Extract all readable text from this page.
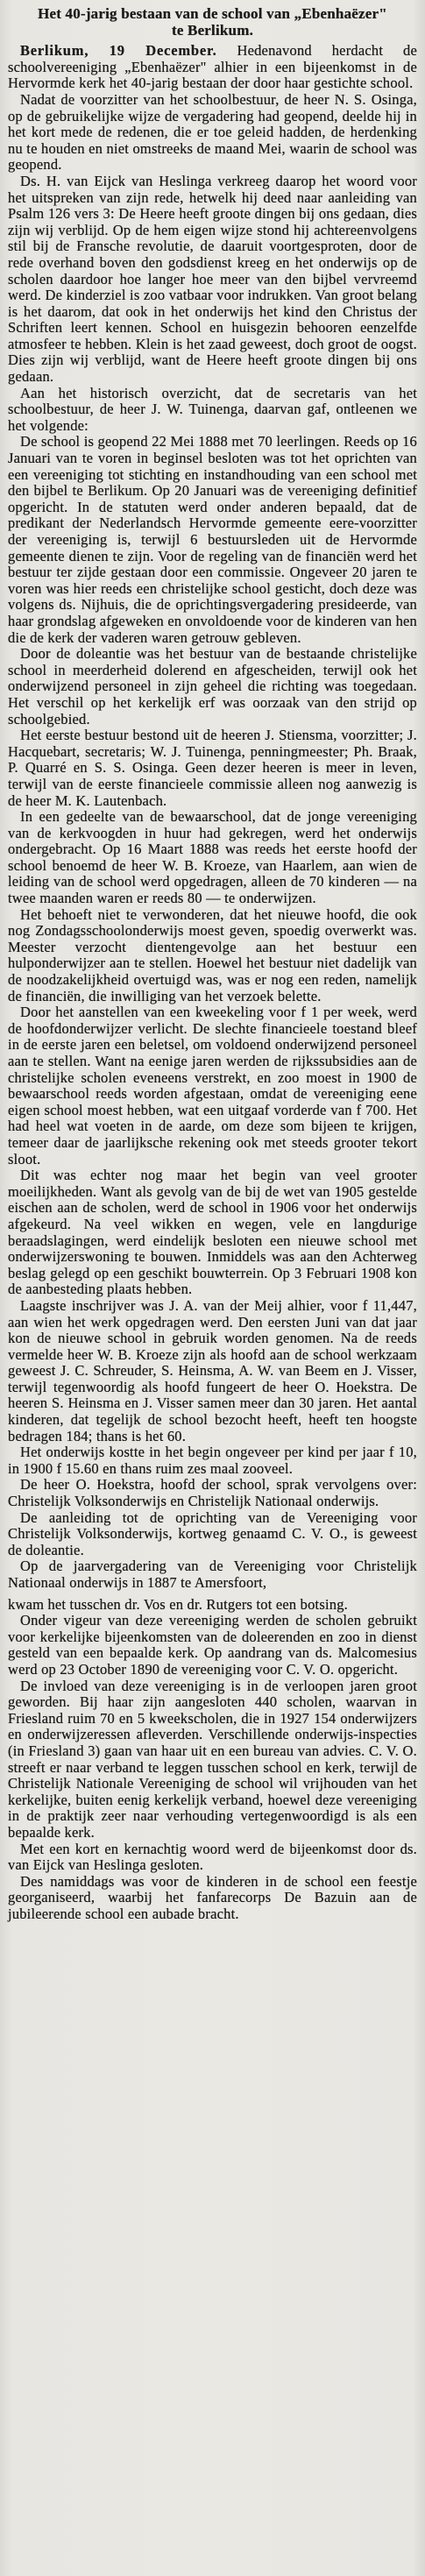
Het 40-jarig bestaan van de school van „Ebenhaëzer"
te Berlikum.

Berlikum, 19 December. Hedenavond herdacht de schoolvereeniging „Ebenhaëzer" alhier in een bijeenkomst in de Hervormde kerk het 40-jarig bestaan der door haar gestichte school.

Nadat de voorzitter van het schoolbestuur, de heer N. S. Osinga, op de gebruikelijke wijze de vergadering had geopend, deelde hij in het kort mede de redenen, die er toe geleid hadden, de herdenking nu te houden en niet omstreeks de maand Mei, waarin de school was geopend.

Ds. H. van Eijck van Heslinga verkreeg daarop het woord voor het uitspreken van zijn rede, hetwelk hij deed naar aanleiding van Psalm 126 vers 3: De Heere heeft groote dingen bij ons gedaan, dies zijn wij verblijd. Op de hem eigen wijze stond hij achtereenvolgens stil bij de Fransche revolutie, de daaruit voortgesproten, door de rede overhand boven den godsdienst kreeg en het onderwijs op de scholen daardoor hoe langer hoe meer van den bijbel vervreemd werd. De kinderziel is zoo vatbaar voor indrukken. Van groot belang is het daarom, dat ook in het onderwijs het kind den Christus der Schriften leert kennen. School en huisgezin behooren eenzelfde atmosfeer te hebben. Klein is het zaad geweest, doch groot de oogst. Dies zijn wij verblijd, want de Heere heeft groote dingen bij ons gedaan.

Aan het historisch overzicht, dat de secretaris van het schoolbestuur, de heer J. W. Tuinenga, daarvan gaf, ontleenen we het volgende:

De school is geopend 22 Mei 1888 met 70 leerlingen. Reeds op 16 Januari van te voren in beginsel besloten was tot het oprichten van een vereeniging tot stichting en instandhouding van een school met den bijbel te Berlikum. Op 20 Januari was de vereeniging definitief opgericht. In de statuten werd onder anderen bepaald, dat de predikant der Nederlandsch Hervormde gemeente eere-voorzitter der vereeniging is, terwijl 6 bestuursleden uit de Hervormde gemeente dienen te zijn. Voor de regeling van de financiën werd het bestuur ter zijde gestaan door een commissie. Ongeveer 20 jaren te voren was hier reeds een christelijke school gesticht, doch deze was volgens ds. Nijhuis, die de oprichtingsvergadering presideerde, van haar grondslag afgeweken en onvoldoende voor de kinderen van hen die de kerk der vaderen waren getrouw gebleven.

Door de doleantie was het bestuur van de bestaande christelijke school in meerderheid dolerend en afgescheiden, terwijl ook het onderwijzend personeel in zijn geheel die richting was toegedaan. Het verschil op het kerkelijk erf was oorzaak van den strijd op schoolgebied.

Het eerste bestuur bestond uit de heeren J. Stiensma, voorzitter; J. Hacquebart, secretaris; W. J. Tuinenga, penningmeester; Ph. Braak, P. Quarré en S. S. Osinga. Geen dezer heeren is meer in leven, terwijl van de eerste financieele commissie alleen nog aanwezig is de heer M. K. Lautenbach.

In een gedeelte van de bewaarschool, dat de jonge vereeniging van de kerkvoogden in huur had gekregen, werd het onderwijs ondergebracht. Op 16 Maart 1888 was reeds het eerste hoofd der school benoemd de heer W. B. Kroeze, van Haarlem, aan wien de leiding van de school werd opgedragen, alleen de 70 kinderen — na twee maanden waren er reeds 80 — te onderwijzen.

Het behoeft niet te verwonderen, dat het nieuwe hoofd, die ook nog Zondagsschoolonderwijs moest geven, spoedig overwerkt was. Meester verzocht dientengevolge aan het bestuur een hulponderwijzer aan te stellen. Hoewel het bestuur niet dadelijk van de noodzakelijkheid overtuigd was, was er nog een reden, namelijk de financiën, die inwilliging van het verzoek belette.

Door het aanstellen van een kweekeling voor f 1 per week, werd de hoofdonderwijzer verlicht. De slechte financieele toestand bleef in de eerste jaren een beletsel, om voldoend onderwijzend personeel aan te stellen. Want na eenige jaren werden de rijkssubsidies aan de christelijke scholen eveneens verstrekt, en zoo moest in 1900 de bewaarschool reeds worden afgestaan, omdat de vereeniging eene eigen school moest hebben, wat een uitgaaf vorderde van f 700. Het had heel wat voeten in de aarde, om deze som bijeen te krijgen, temeer daar de jaarlijksche rekening ook met steeds grooter tekort sloot.

Dit was echter nog maar het begin van veel grooter moeilijkheden. Want als gevolg van de bij de wet van 1905 gestelde eischen aan de scholen, werd de school in 1906 voor het onderwijs afgekeurd. Na veel wikken en wegen, vele en langdurige beraadslagingen, werd eindelijk besloten een nieuwe school met onderwijzerswoning te bouwen. Inmiddels was aan den Achterweg beslag gelegd op een geschikt bouwterrein. Op 3 Februari 1908 kon de aanbesteding plaats hebben.

Laagste inschrijver was J. A. van der Meij alhier, voor f 11,447, aan wien het werk opgedragen werd. Den eersten Juni van dat jaar kon de nieuwe school in gebruik worden genomen. Na de reeds vermelde heer W. B. Kroeze zijn als hoofd aan de school werkzaam geweest J. C. Schreuder, S. Heinsma, A. W. van Beem en J. Visser, terwijl tegenwoordig als hoofd fungeert de heer O. Hoekstra. De heeren S. Heinsma en J. Visser samen meer dan 30 jaren. Het aantal kinderen, dat tegelijk de school bezocht heeft, heeft ten hoogste bedragen 184; thans is het 60.

Het onderwijs kostte in het begin ongeveer per kind per jaar f 10, in 1900 f 15.60 en thans ruim zes maal zooveel.

De heer O. Hoekstra, hoofd der school, sprak vervolgens over: Christelijk Volksonderwijs en Christelijk Nationaal onderwijs.

De aanleiding tot de oprichting van de Vereeniging voor Christelijk Volksonderwijs, kortweg genaamd C. V. O., is geweest de doleantie.

Op de jaarvergadering van de Vereeniging voor Christelijk Nationaal onderwijs in 1887 te Amersfoort,

kwam het tusschen dr. Vos en dr. Rutgers tot een botsing.

Onder vigeur van deze vereeniging werden de scholen gebruikt voor kerkelijke bijeenkomsten van de doleerenden en zoo in dienst gesteld van een bepaalde kerk. Op aandrang van ds. Malcomesius werd op 23 October 1890 de vereeniging voor C. V. O. opgericht.

De invloed van deze vereeniging is in de verloopen jaren groot geworden. Bij haar zijn aangesloten 440 scholen, waarvan in Friesland ruim 70 en 5 kweekscholen, die in 1927 154 onderwijzers en onderwijzeressen afleverden. Verschillende onderwijs-inspecties (in Friesland 3) gaan van haar uit en een bureau van advies. C. V. O. streeft er naar verband te leggen tusschen school en kerk, terwijl de Christelijk Nationale Vereeniging de school wil vrijhouden van het kerkelijke, buiten eenig kerkelijk verband, hoewel deze vereeniging in de praktijk zeer naar verhouding vertegenwoordigd is als een bepaalde kerk.

Met een kort en kernachtig woord werd de bijeenkomst door ds. van Eijck van Heslinga gesloten.

Des namiddags was voor de kinderen in de school een feestje georganiseerd, waarbij het fanfarecorps De Bazuin aan de jubileerende school een aubade bracht.
